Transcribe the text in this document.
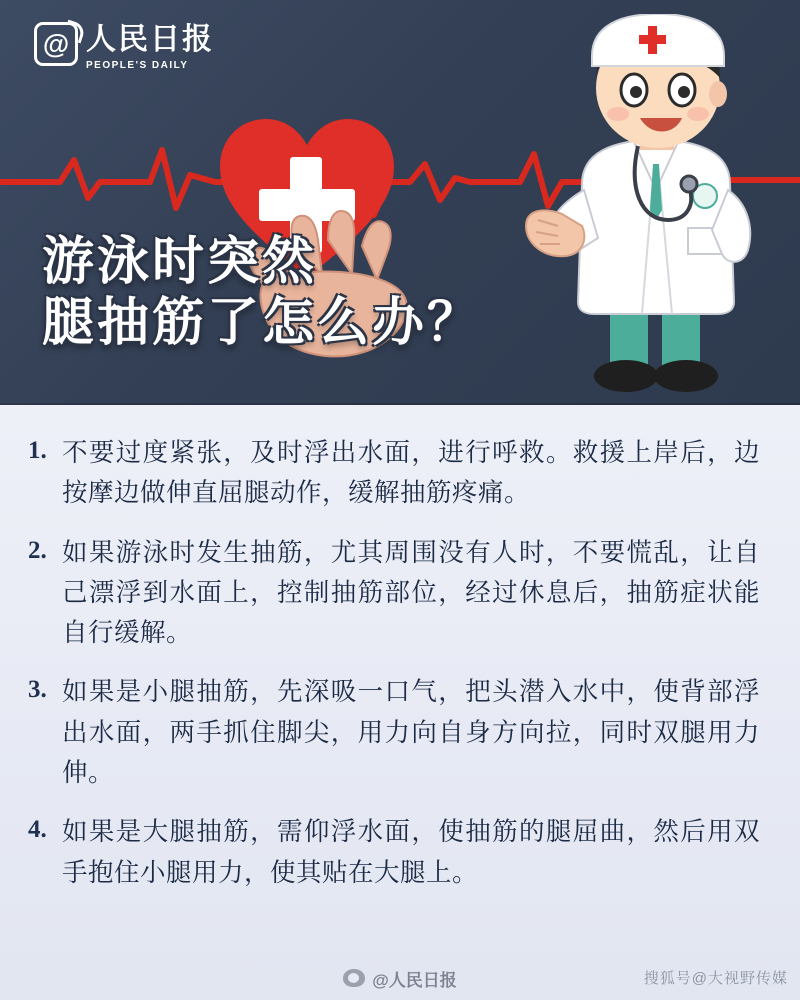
@ 人民日报
PEOPLE'S DAILY
游泳时突然
腿抽筋了怎么办？
1. 不要过度紧张，及时浮出水面，进行呼救。救援上岸后，边按摩边做伸直屈腿动作，缓解抽筋疼痛。
2. 如果游泳时发生抽筋，尤其周围没有人时，不要慌乱，让自己漂浮到水面上，控制抽筋部位，经过休息后，抽筋症状能自行缓解。
3. 如果是小腿抽筋，先深吸一口气，把头潜入水中，使背部浮出水面，两手抓住脚尖，用力向自身方向拉，同时双腿用力伸。
4. 如果是大腿抽筋，需仰浮水面，使抽筋的腿屈曲，然后用双手抱住小腿用力，使其贴在大腿上。
@人民日报	搜狐号@大视野传媒
